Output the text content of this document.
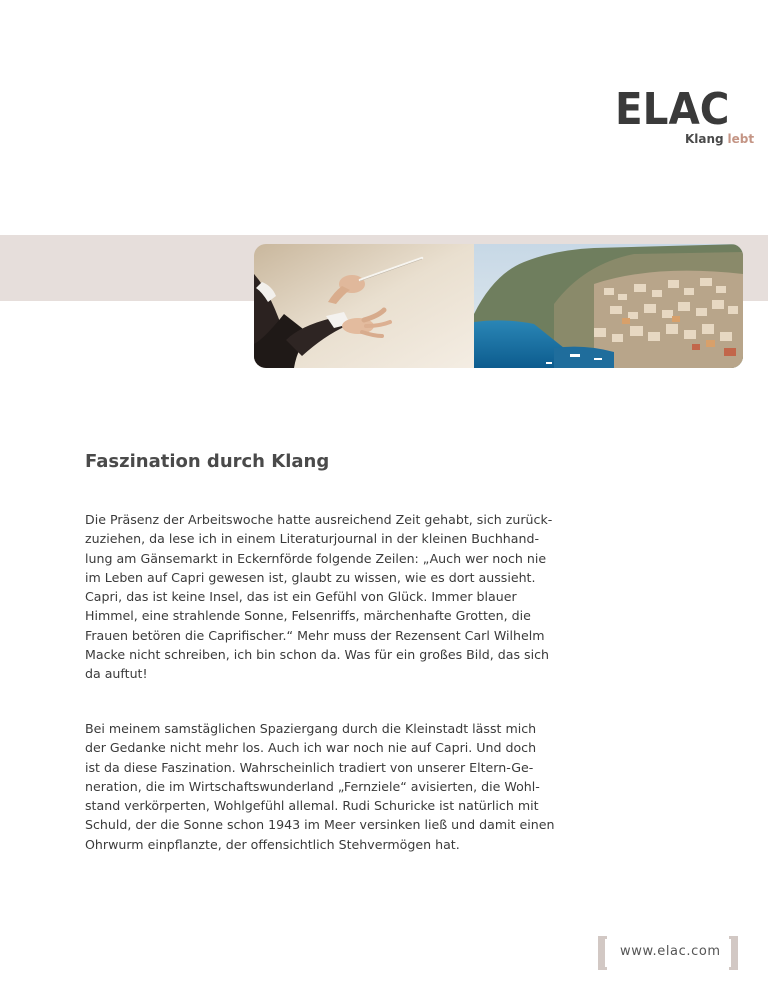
ELAC
Klang lebt
Faszination durch Klang

Die Präsenz der Arbeitswoche hatte ausreichend Zeit gehabt, sich zurück-
zuziehen, da lese ich in einem Literaturjournal in der kleinen Buchhand-
lung am Gänsemarkt in Eckernförde folgende Zeilen: „Auch wer noch nie
im Leben auf Capri gewesen ist, glaubt zu wissen, wie es dort aussieht.
Capri, das ist keine Insel, das ist ein Gefühl von Glück. Immer blauer
Himmel, eine strahlende Sonne, Felsenriffs, märchenhafte Grotten, die
Frauen betören die Caprifischer.“ Mehr muss der Rezensent Carl Wilhelm
Macke nicht schreiben, ich bin schon da. Was für ein großes Bild, das sich
da auftut!

Bei meinem samstäglichen Spaziergang durch die Kleinstadt lässt mich
der Gedanke nicht mehr los. Auch ich war noch nie auf Capri. Und doch
ist da diese Faszination. Wahrscheinlich tradiert von unserer Eltern-Ge-
neration, die im Wirtschaftswunderland „Fernziele“ avisierten, die Wohl-
stand verkörperten, Wohlgefühl allemal. Rudi Schuricke ist natürlich mit
Schuld, der die Sonne schon 1943 im Meer versinken ließ und damit einen
Ohrwurm einpflanzte, der offensichtlich Stehvermögen hat.

www.elac.com
